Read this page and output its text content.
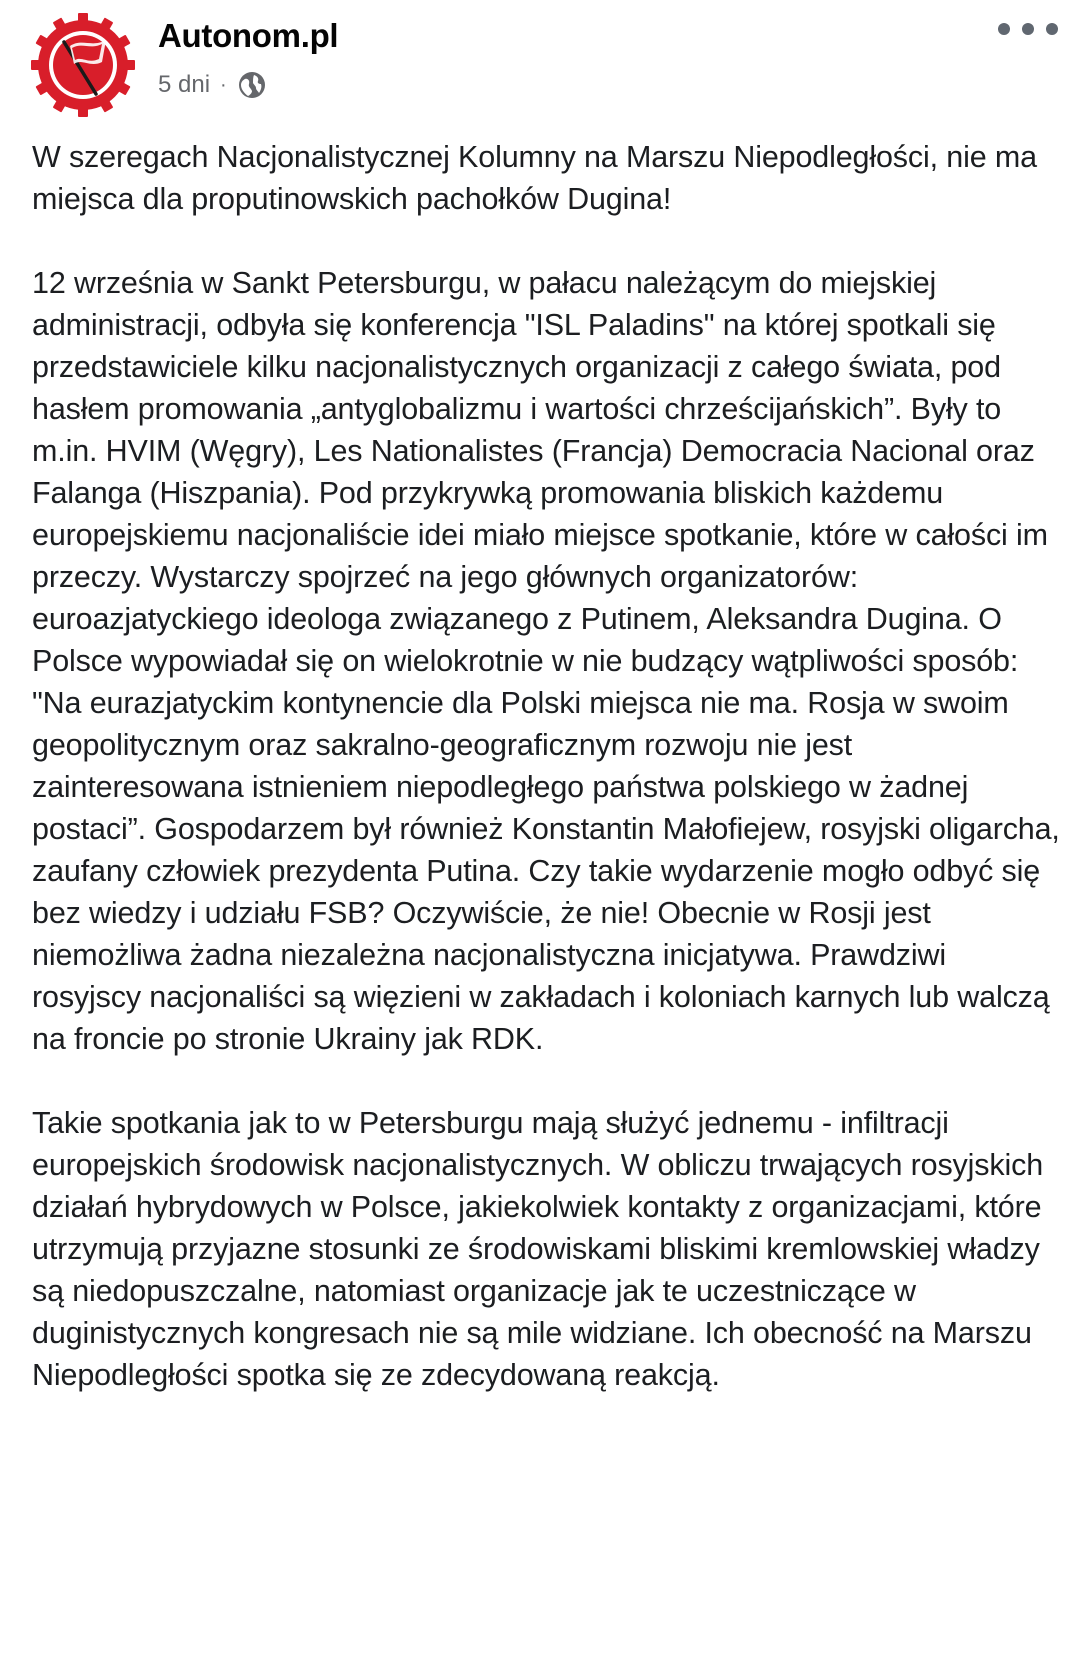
Autonom.pl
5 dni ·

W szeregach Nacjonalistycznej Kolumny na Marszu Niepodległości, nie ma miejsca dla proputinowskich pachołków Dugina!

12 września w Sankt Petersburgu, w pałacu należącym do miejskiej administracji, odbyła się konferencja "ISL Paladins" na której spotkali się przedstawiciele kilku nacjonalistycznych organizacji z całego świata, pod hasłem promowania „antyglobalizmu i wartości chrześcijańskich”. Były to m.in. HVIM (Węgry), Les Nationalistes (Francja) Democracia Nacional oraz Falanga (Hiszpania). Pod przykrywką promowania bliskich każdemu europejskiemu nacjonaliście idei miało miejsce spotkanie, które w całości im przeczy. Wystarczy spojrzeć na jego głównych organizatorów: euroazjatyckiego ideologa związanego z Putinem, Aleksandra Dugina. O Polsce wypowiadał się on wielokrotnie w nie budzący wątpliwości sposób: "Na eurazjatyckim kontynencie dla Polski miejsca nie ma. Rosja w swoim geopolitycznym oraz sakralno-geograficznym rozwoju nie jest zainteresowana istnieniem niepodległego państwa polskiego w żadnej postaci”. Gospodarzem był również Konstantin Małofiejew, rosyjski oligarcha, zaufany człowiek prezydenta Putina. Czy takie wydarzenie mogło odbyć się bez wiedzy i udziału FSB? Oczywiście, że nie! Obecnie w Rosji jest niemożliwa żadna niezależna nacjonalistyczna inicjatywa. Prawdziwi rosyjscy nacjonaliści są więzieni w zakładach i koloniach karnych lub walczą na froncie po stronie Ukrainy jak RDK.

Takie spotkania jak to w Petersburgu mają służyć jednemu - infiltracji europejskich środowisk nacjonalistycznych. W obliczu trwających rosyjskich działań hybrydowych w Polsce, jakiekolwiek kontakty z organizacjami, które utrzymują przyjazne stosunki ze środowiskami bliskimi kremlowskiej władzy są niedopuszczalne, natomiast organizacje jak te uczestniczące w duginistycznych kongresach nie są mile widziane. Ich obecność na Marszu Niepodległości spotka się ze zdecydowaną reakcją.
